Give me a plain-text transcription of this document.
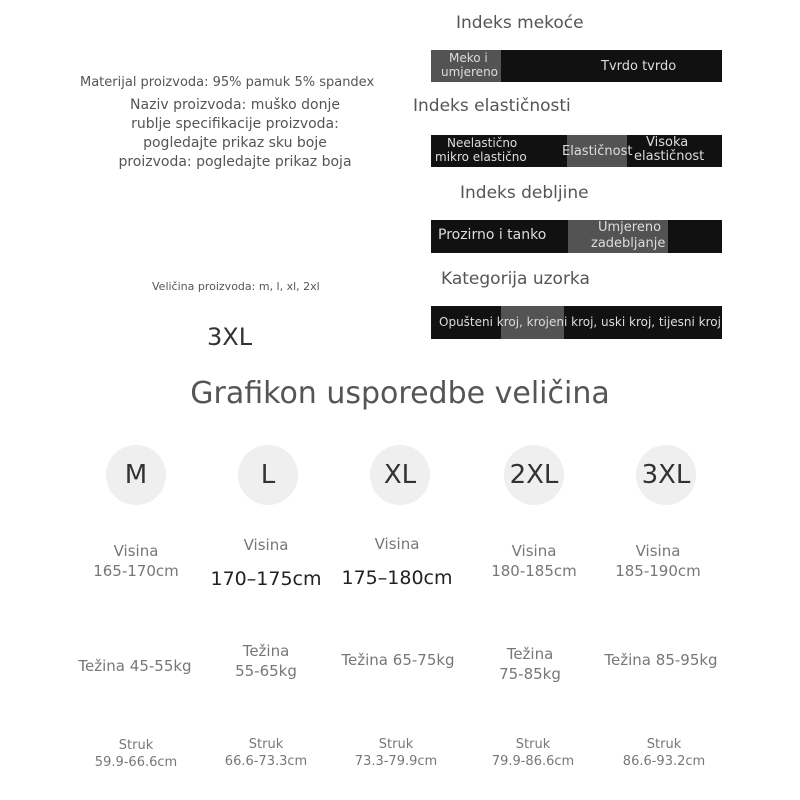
Materijal proizvoda: 95% pamuk 5% spandex
Naziv proizvoda: muško donje
rublje specifikacije proizvoda:
pogledajte prikaz sku boje
proizvoda: pogledajte prikaz boja
Veličina proizvoda: m, l, xl, 2xl
3XL
Indeks mekoće
Meko i
umjereno	Tvrdo tvrdo
Indeks elastičnosti
Neelastično
mikro elastično	Elastičnost
Visoka
elastičnost
Indeks debljine
Prozirno i tanko	Umjereno
zadebljanje
Kategorija uzorka
Opušteni kroj, krojeni kroj, uski kroj, tijesni kroj
Grafikon usporedbe veličina
M
Visina
165-170cm
Težina 45-55kg
Struk
59.9-66.6cm
L
Visina
170–175cm
Težina
55-65kg
Struk
66.6-73.3cm
XL
Visina
175–180cm
Težina 65-75kg
Struk
73.3-79.9cm
2XL
Visina
180-185cm
Težina
75-85kg
Struk
79.9-86.6cm
3XL
Visina
185-190cm
Težina 85-95kg
Struk
86.6-93.2cm
